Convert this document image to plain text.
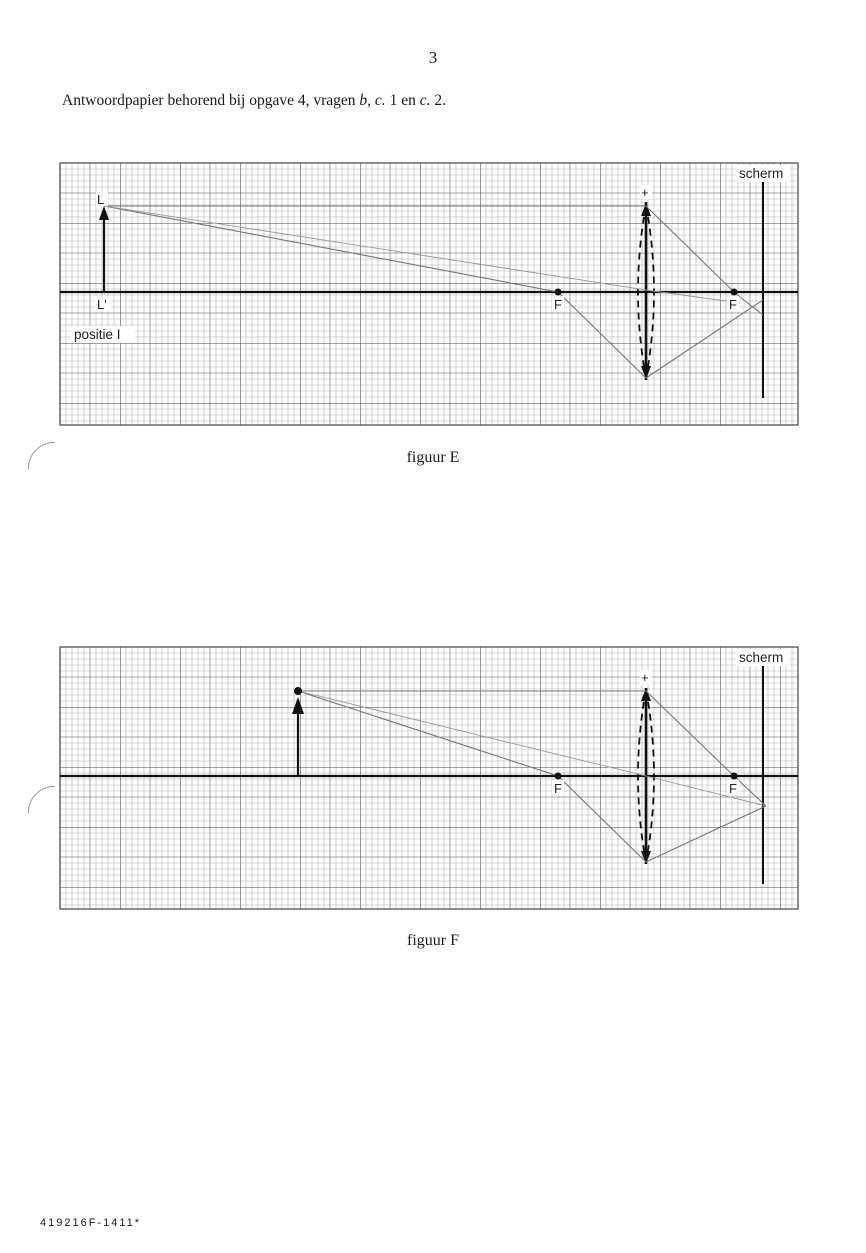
3
Antwoordpapier behorend bij opgave 4, vragen b, c. 1 en c. 2.
scherm
+
L
L'	F	F
positie I
figuur E
scherm
+
F	F
figuur F
419216F-1411*
